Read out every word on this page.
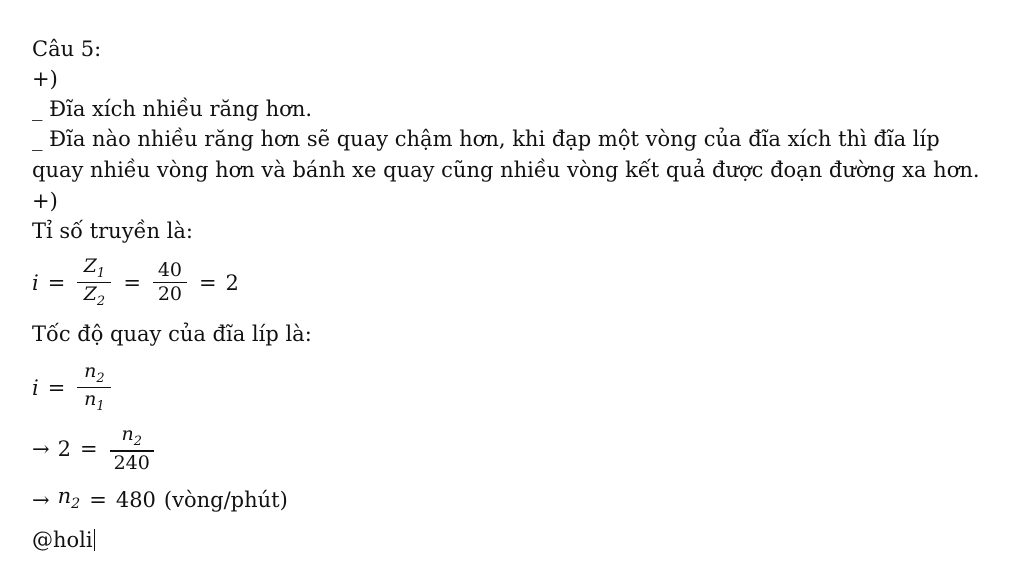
Câu 5:
+)
_ Đĩa xích nhiều răng hơn.
_ Đĩa nào nhiều răng hơn sẽ quay chậm hơn, khi đạp một vòng của đĩa xích thì đĩa líp quay nhiều vòng hơn và bánh xe quay cũng nhiều vòng kết quả được đoạn đường xa hơn.
+)
Tỉ số truyền là:
$i = \frac{Z_1}{Z_2} = \frac{40}{20} = 2$
Tốc độ quay của đĩa líp là:
$i = \frac{n_2}{n_1}$
→ $2 = \frac{n_2}{240}$
→ $n_2 = 480$ (vòng/phút)
@holi
